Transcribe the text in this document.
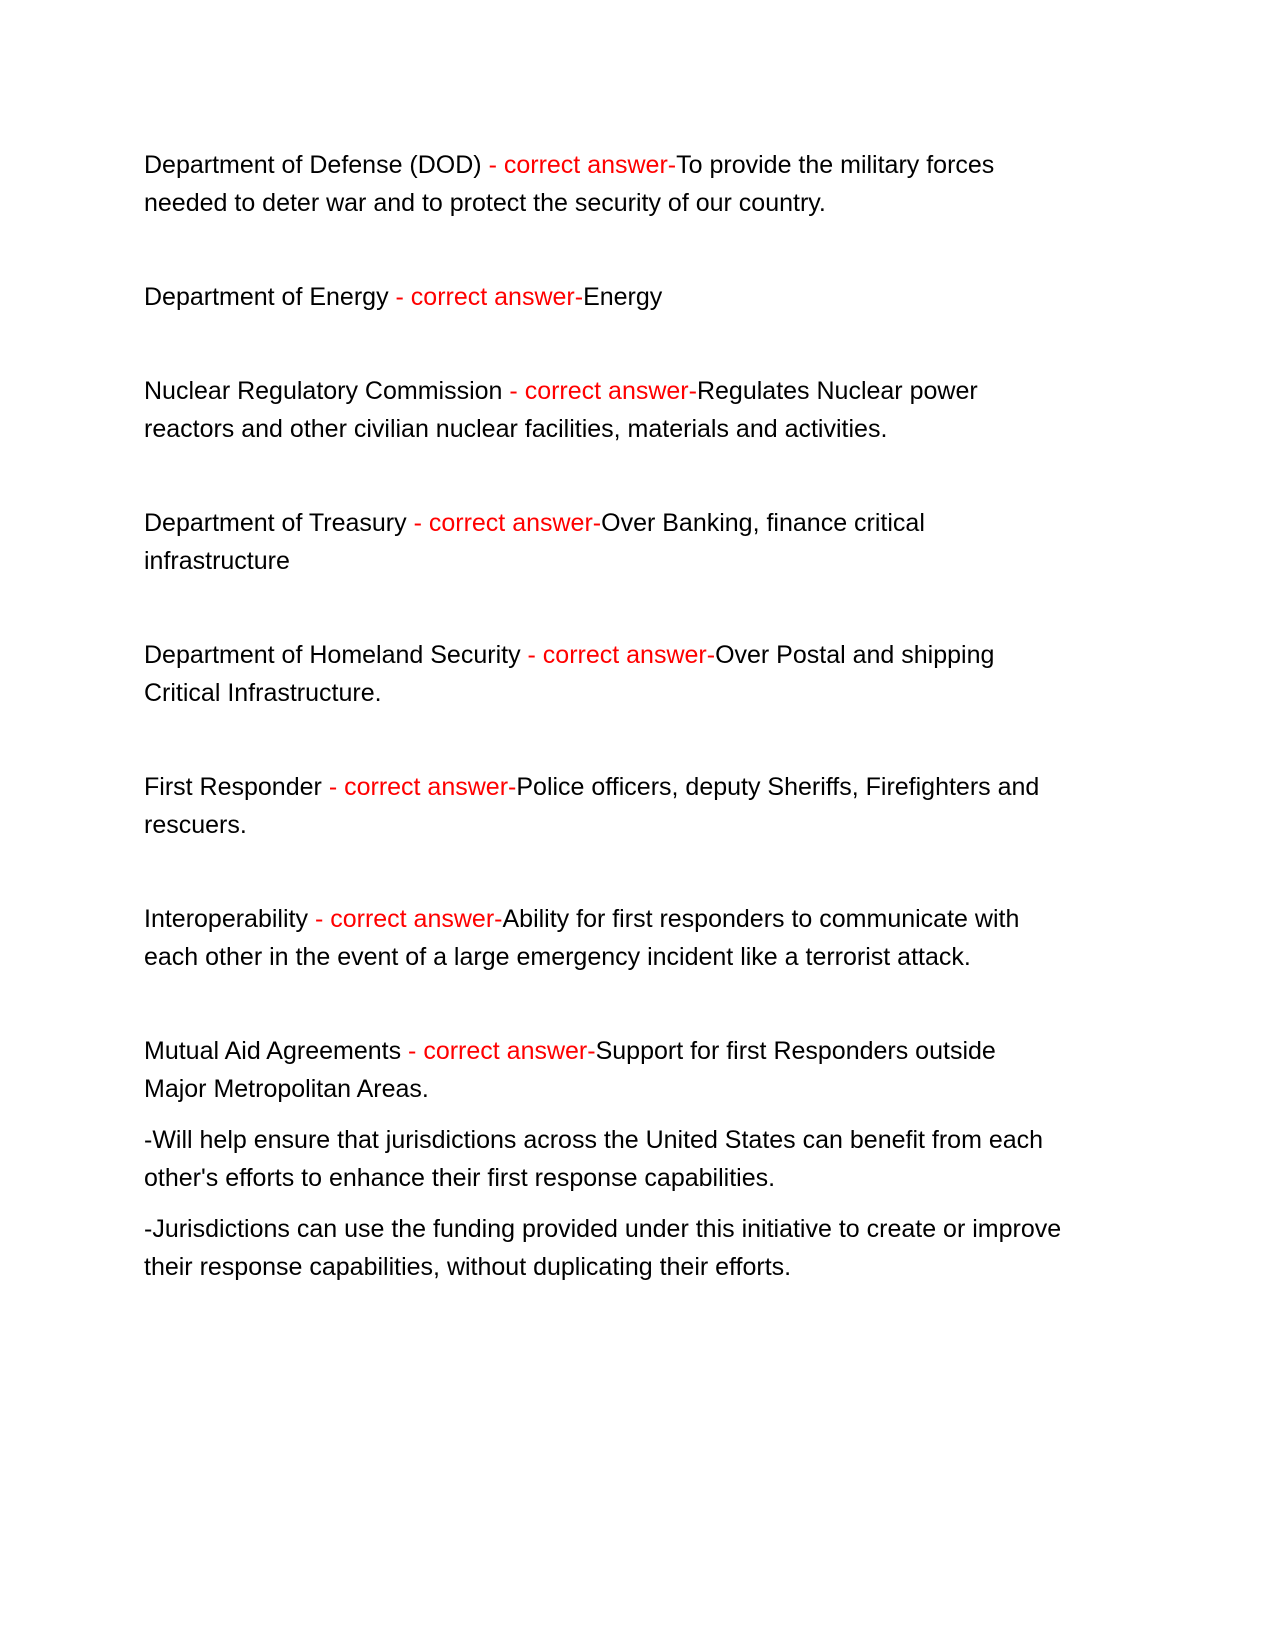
Department of Defense (DOD) - correct answer-To provide the military forces needed to deter war and to protect the security of our country.

Department of Energy - correct answer-Energy

Nuclear Regulatory Commission - correct answer-Regulates Nuclear power reactors and other civilian nuclear facilities, materials and activities.

Department of Treasury - correct answer-Over Banking, finance critical infrastructure

Department of Homeland Security - correct answer-Over Postal and shipping Critical Infrastructure.

First Responder - correct answer-Police officers, deputy Sheriffs, Firefighters and rescuers.

Interoperability - correct answer-Ability for first responders to communicate with each other in the event of a large emergency incident like a terrorist attack.

Mutual Aid Agreements - correct answer-Support for first Responders outside Major Metropolitan Areas.

-Will help ensure that jurisdictions across the United States can benefit from each other's efforts to enhance their first response capabilities.

-Jurisdictions can use the funding provided under this initiative to create or improve their response capabilities, without duplicating their efforts.
